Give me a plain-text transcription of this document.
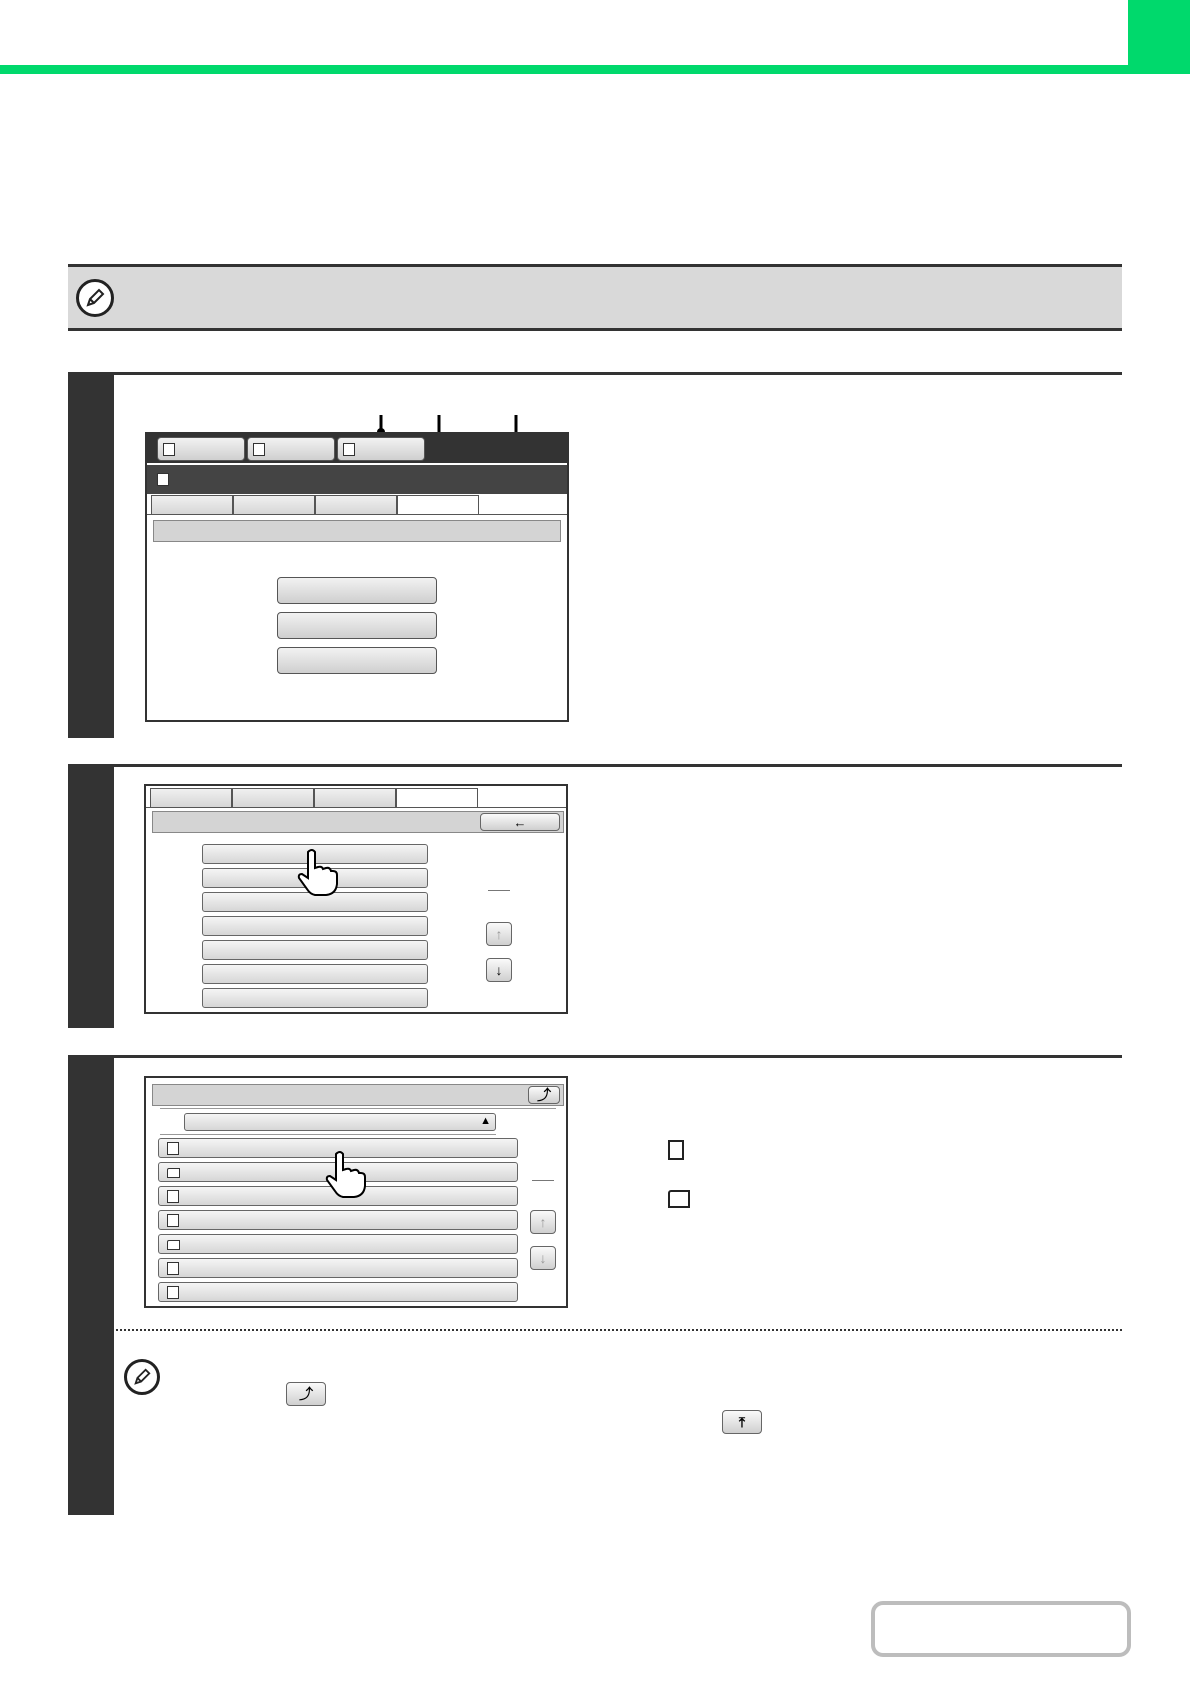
←
↑
↓
⤴
▲
↑
↓
⤴
⤒
